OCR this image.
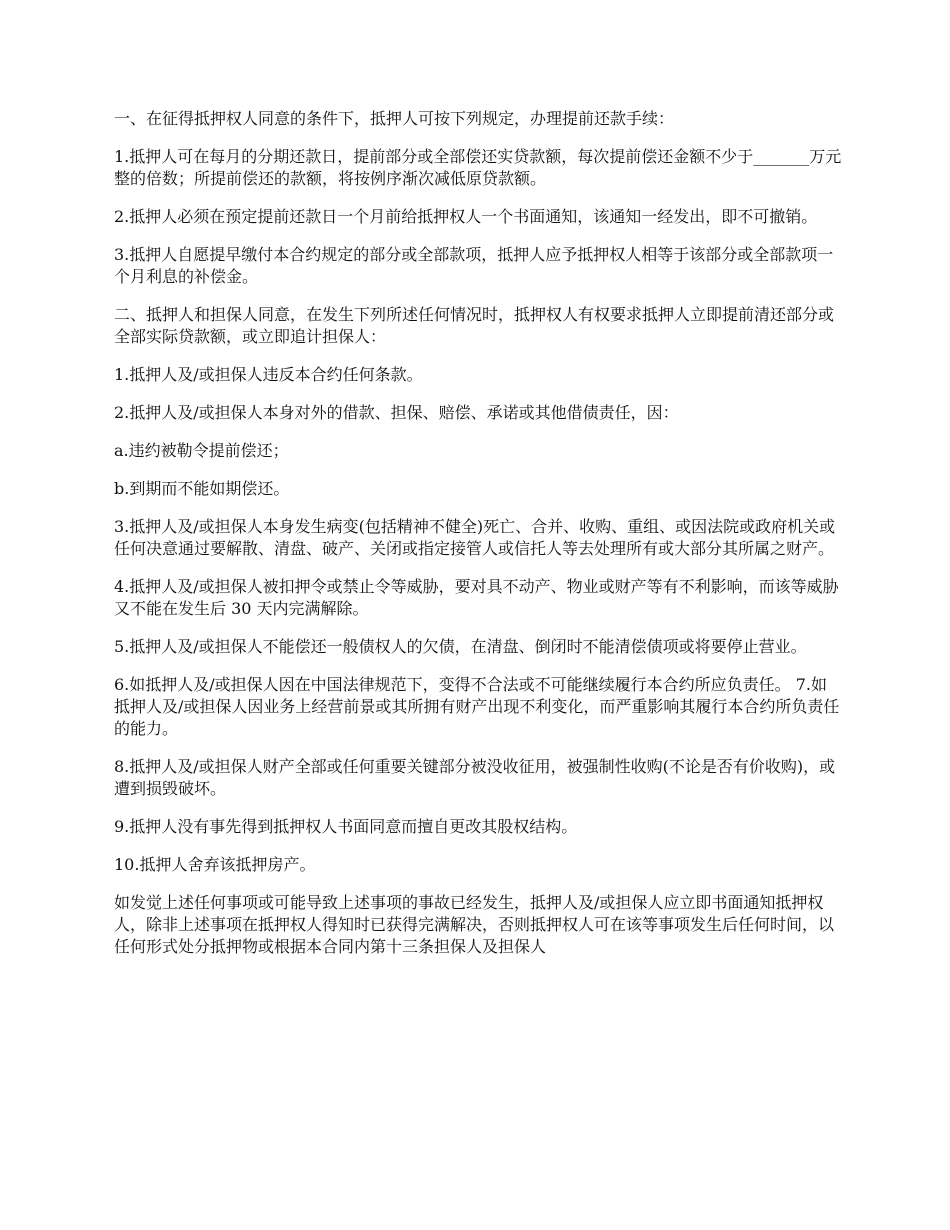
一、在征得抵押权人同意的条件下，抵押人可按下列规定，办理提前还款手续：

1.抵押人可在每月的分期还款日，提前部分或全部偿还实贷款额，每次提前偿还金额不少于_______万元整的倍数；所提前偿还的款额，将按例序渐次减低原贷款额。

2.抵押人必须在预定提前还款日一个月前给抵押权人一个书面通知，该通知一经发出，即不可撤销。

3.抵押人自愿提早缴付本合约规定的部分或全部款项，抵押人应予抵押权人相等于该部分或全部款项一个月利息的补偿金。

二、抵押人和担保人同意，在发生下列所述任何情况时，抵押权人有权要求抵押人立即提前清还部分或全部实际贷款额，或立即追计担保人：

1.抵押人及/或担保人违反本合约任何条款。

2.抵押人及/或担保人本身对外的借款、担保、赔偿、承诺或其他借债责任，因：

a.违约被勒令提前偿还；

b.到期而不能如期偿还。

3.抵押人及/或担保人本身发生病变(包括精神不健全)死亡、合并、收购、重组、或因法院或政府机关或任何决意通过要解散、清盘、破产、关闭或指定接管人或信托人等去处理所有或大部分其所属之财产。

4.抵押人及/或担保人被扣押令或禁止令等威胁，要对具不动产、物业或财产等有不利影响，而该等威胁又不能在发生后 30 天内完满解除。

5.抵押人及/或担保人不能偿还一般债权人的欠债，在清盘、倒闭时不能清偿债项或将要停止营业。

6.如抵押人及/或担保人因在中国法律规范下，变得不合法或不可能继续履行本合约所应负责任。 7.如抵押人及/或担保人因业务上经营前景或其所拥有财产出现不利变化，而严重影响其履行本合约所负责任的能力。

8.抵押人及/或担保人财产全部或任何重要关键部分被没收征用，被强制性收购(不论是否有价收购)，或遭到损毁破坏。

9.抵押人没有事先得到抵押权人书面同意而擅自更改其股权结构。

10.抵押人舍弃该抵押房产。

如发觉上述任何事项或可能导致上述事项的事故已经发生，抵押人及/或担保人应立即书面通知抵押权人，除非上述事项在抵押权人得知时已获得完满解决，否则抵押权人可在该等事项发生后任何时间，以任何形式处分抵押物或根据本合同内第十三条担保人及担保人
